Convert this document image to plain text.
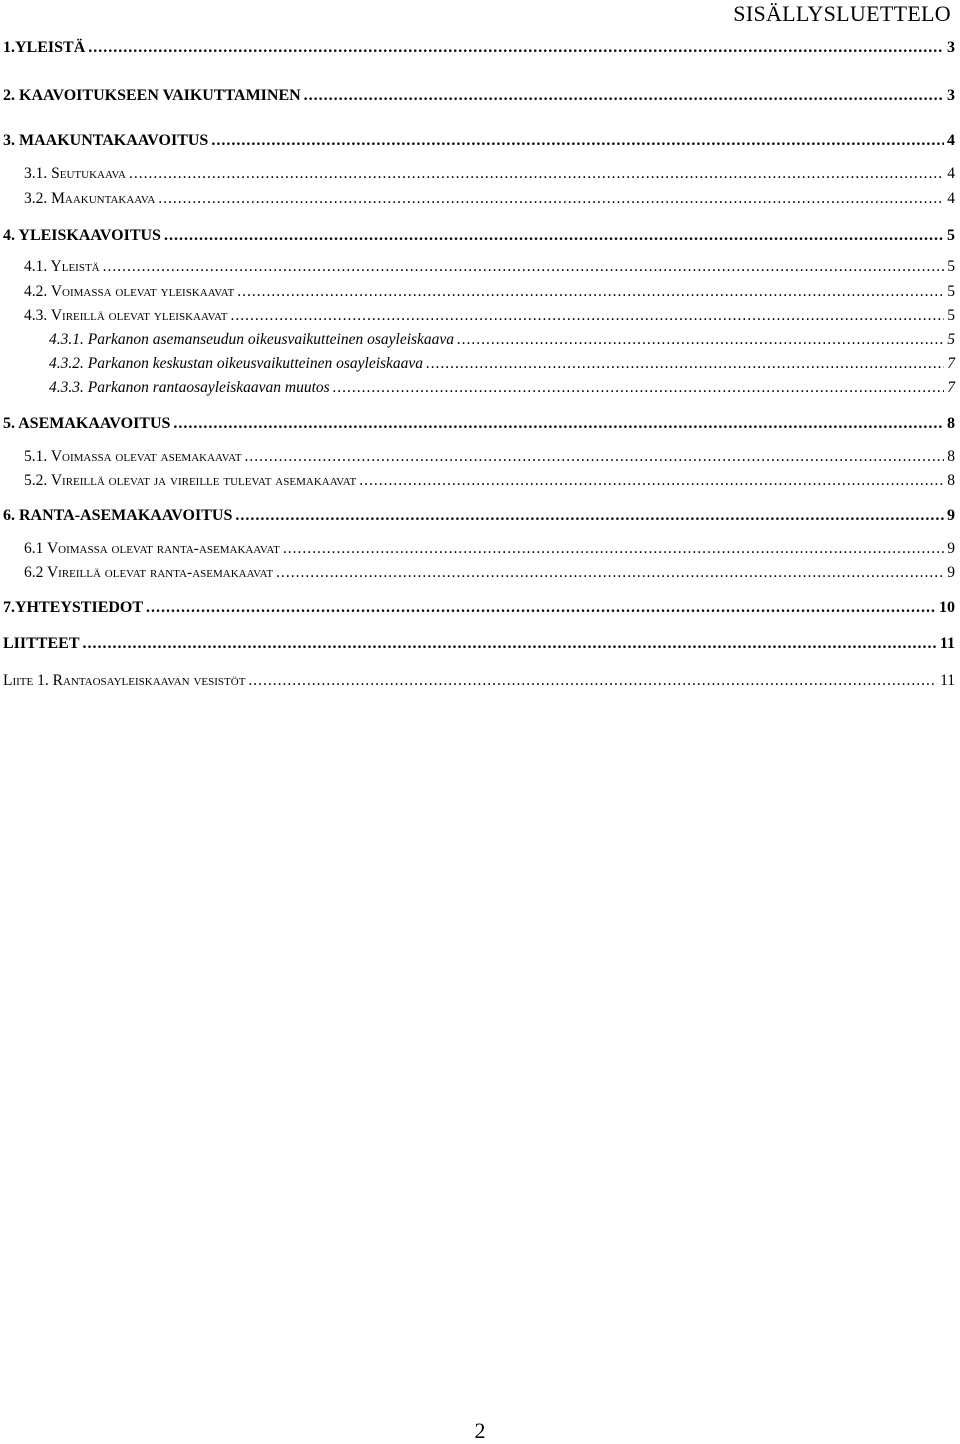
SISÄLLYSLUETTELO
1.YLEISTÄ .....	3
2. KAAVOITUKSEEN VAIKUTTAMINEN .....	3
3. MAAKUNTAKAAVOITUS .....	4
3.1. Seutukaava .....	4
3.2. Maakuntakaava .....	4
4. YLEISKAAVOITUS .....	5
4.1. Yleistä .....	5
4.2. Voimassa olevat yleiskaavat .....	5
4.3. Vireillä olevat yleiskaavat .....	5
4.3.1. Parkanon asemanseudun oikeusvaikutteinen osayleiskaava .....	5
4.3.2. Parkanon keskustan oikeusvaikutteinen osayleiskaava .....	7
4.3.3. Parkanon rantaosayleiskaavan muutos .....	7
5. ASEMAKAAVOITUS .....	8
5.1. Voimassa olevat asemakaavat .....	8
5.2. Vireillä olevat ja vireille tulevat asemakaavat .....	8
6. RANTA-ASEMAKAAVOITUS .....	9
6.1 Voimassa olevat ranta-asemakaavat .....	9
6.2 Vireillä olevat ranta-asemakaavat .....	9
7.YHTEYSTIEDOT .....	10
LIITTEET .....	11
Liite 1. Rantaosayleiskaavan vesistöt .....	11
2
